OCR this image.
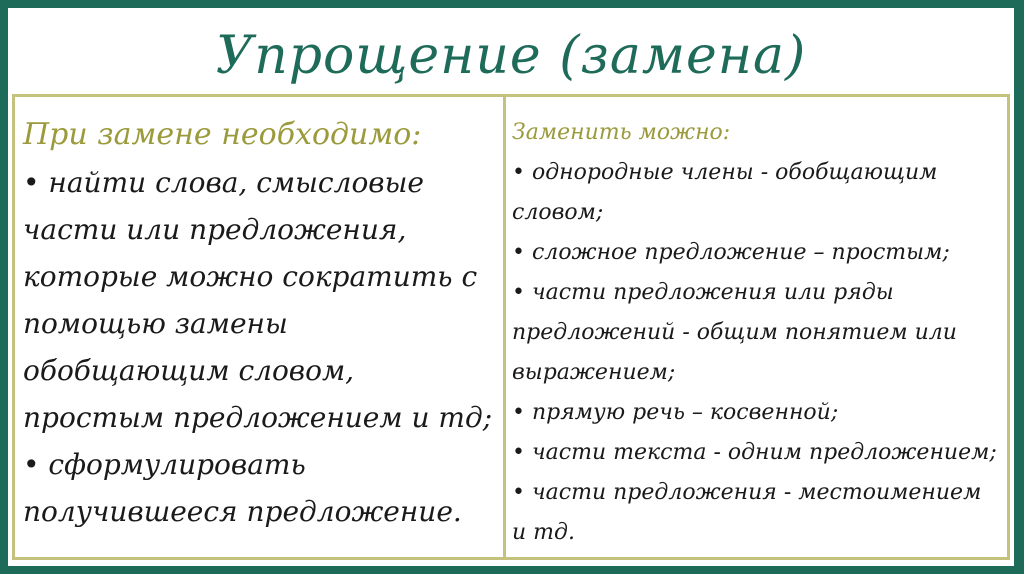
Упрощение (замена)

При замене необходимо:

• найти слова, смысловые части или предложения, которые можно сократить с помощью замены обобщающим словом, простым предложением и тд;

• сформулировать получившееся предложение.

Заменить можно:

• однородные члены - обобщающим словом;

• сложное предложение – простым;

• части предложения или ряды предложений - общим понятием или выражением;

• прямую речь – косвенной;

• части текста - одним предложением;

• части предложения - местоимением и тд.
